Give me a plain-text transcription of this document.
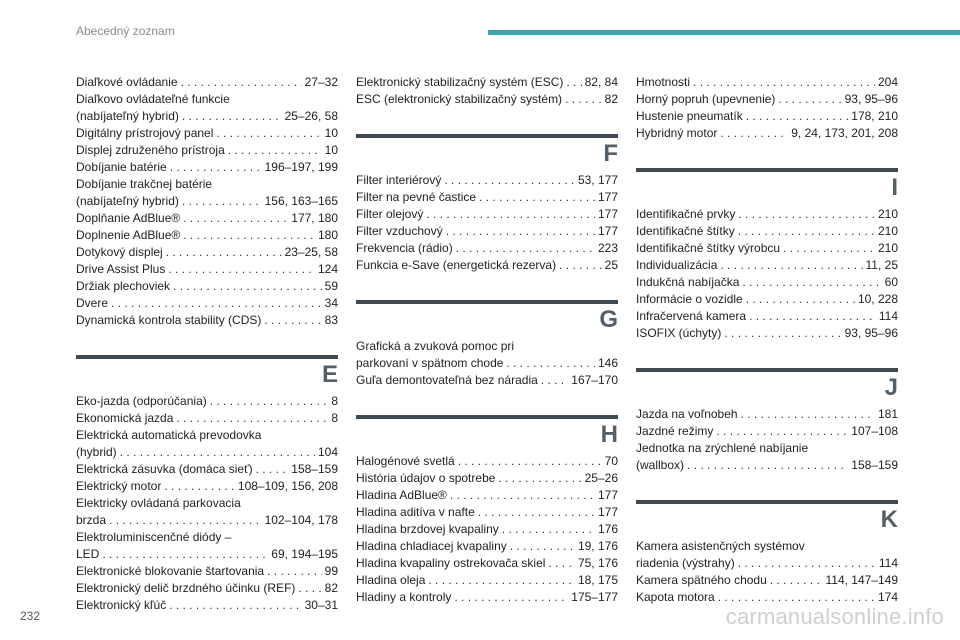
Abecedný zoznam
Diaľkové ovládanie . . .	27–32
Diaľkovo ovládateľné funkcie
(nabíjateľný hybrid) . . .	25–26, 58
Digitálny prístrojový panel . . .	10
Displej združeného prístroja . . .	10
Dobíjanie batérie . . .	196–197, 199
Dobíjanie trakčnej batérie
(nabíjateľný hybrid) . . .	156, 163–165
Doplňanie AdBlue® . . .	177, 180
Doplnenie AdBlue® . . .	180
Dotykový displej . . .	23–25, 58
Drive Assist Plus . . .	124
Držiak plechoviek . . .	59
Dvere . . .	34
Dynamická kontrola stability (CDS) . . .	83
E
Eko-jazda (odporúčania) . . .	8
Ekonomická jazda . . .	8
Elektrická automatická prevodovka
(hybrid) . . .	104
Elektrická zásuvka (domáca sieť) . . .	158–159
Elektrický motor . . .	108–109, 156, 208
Elektricky ovládaná parkovacia
brzda . . .	102–104, 178
Elektroluminiscenčné diódy –
LED . . .	69, 194–195
Elektronické blokovanie štartovania . . .	99
Elektronický delič brzdného účinku (REF) . . . 82
Elektronický kľúč . . .	30–31
Elektronický stabilizačný systém (ESC) . . . 82, 84
ESC (elektronický stabilizačný systém) . . .	82
F
Filter interiérový . . .	53, 177
Filter na pevné častice . . .	177
Filter olejový . . .	177
Filter vzduchový . . .	177
Frekvencia (rádio) . . .	223
Funkcia e-Save (energetická rezerva) . . .	25
G
Grafická a zvuková pomoc pri
parkovaní v spätnom chode . . .	146
Guľa demontovateľná bez náradia . . .	167–170
H
Halogénové svetlá . . .	70
História údajov o spotrebe . . .	25–26
Hladina AdBlue® . . .	177
Hladina aditíva v nafte . . .	177
Hladina brzdovej kvapaliny . . .	176
Hladina chladiacej kvapaliny . . .	19, 176
Hladina kvapaliny ostrekovača skiel . . .	75, 176
Hladina oleja . . .	18, 175
Hladiny a kontroly . . .	175–177
Hmotnosti . . .	204
Horný popruh (upevnenie) . . .	93, 95–96
Hustenie pneumatík . . .	178, 210
Hybridný motor . . .	9, 24, 173, 201, 208
I
Identifikačné prvky . . .	210
Identifikačné štítky . . .	210
Identifikačné štítky výrobcu . . .	210
Individualizácia . . .	11, 25
Indukčná nabíjačka . . .	60
Informácie o vozidle . . .	10, 228
Infračervená kamera . . .	114
ISOFIX (úchyty) . . .	93, 95–96
J
Jazda na voľnobeh . . .	181
Jazdné režimy . . .	107–108
Jednotka na zrýchlené nabíjanie
(wallbox) . . .	158–159
K
Kamera asistenčných systémov
riadenia (výstrahy) . . .	114
Kamera spätného chodu . . .	114, 147–149
Kapota motora . . .	174
232	carmanualsonline.info
